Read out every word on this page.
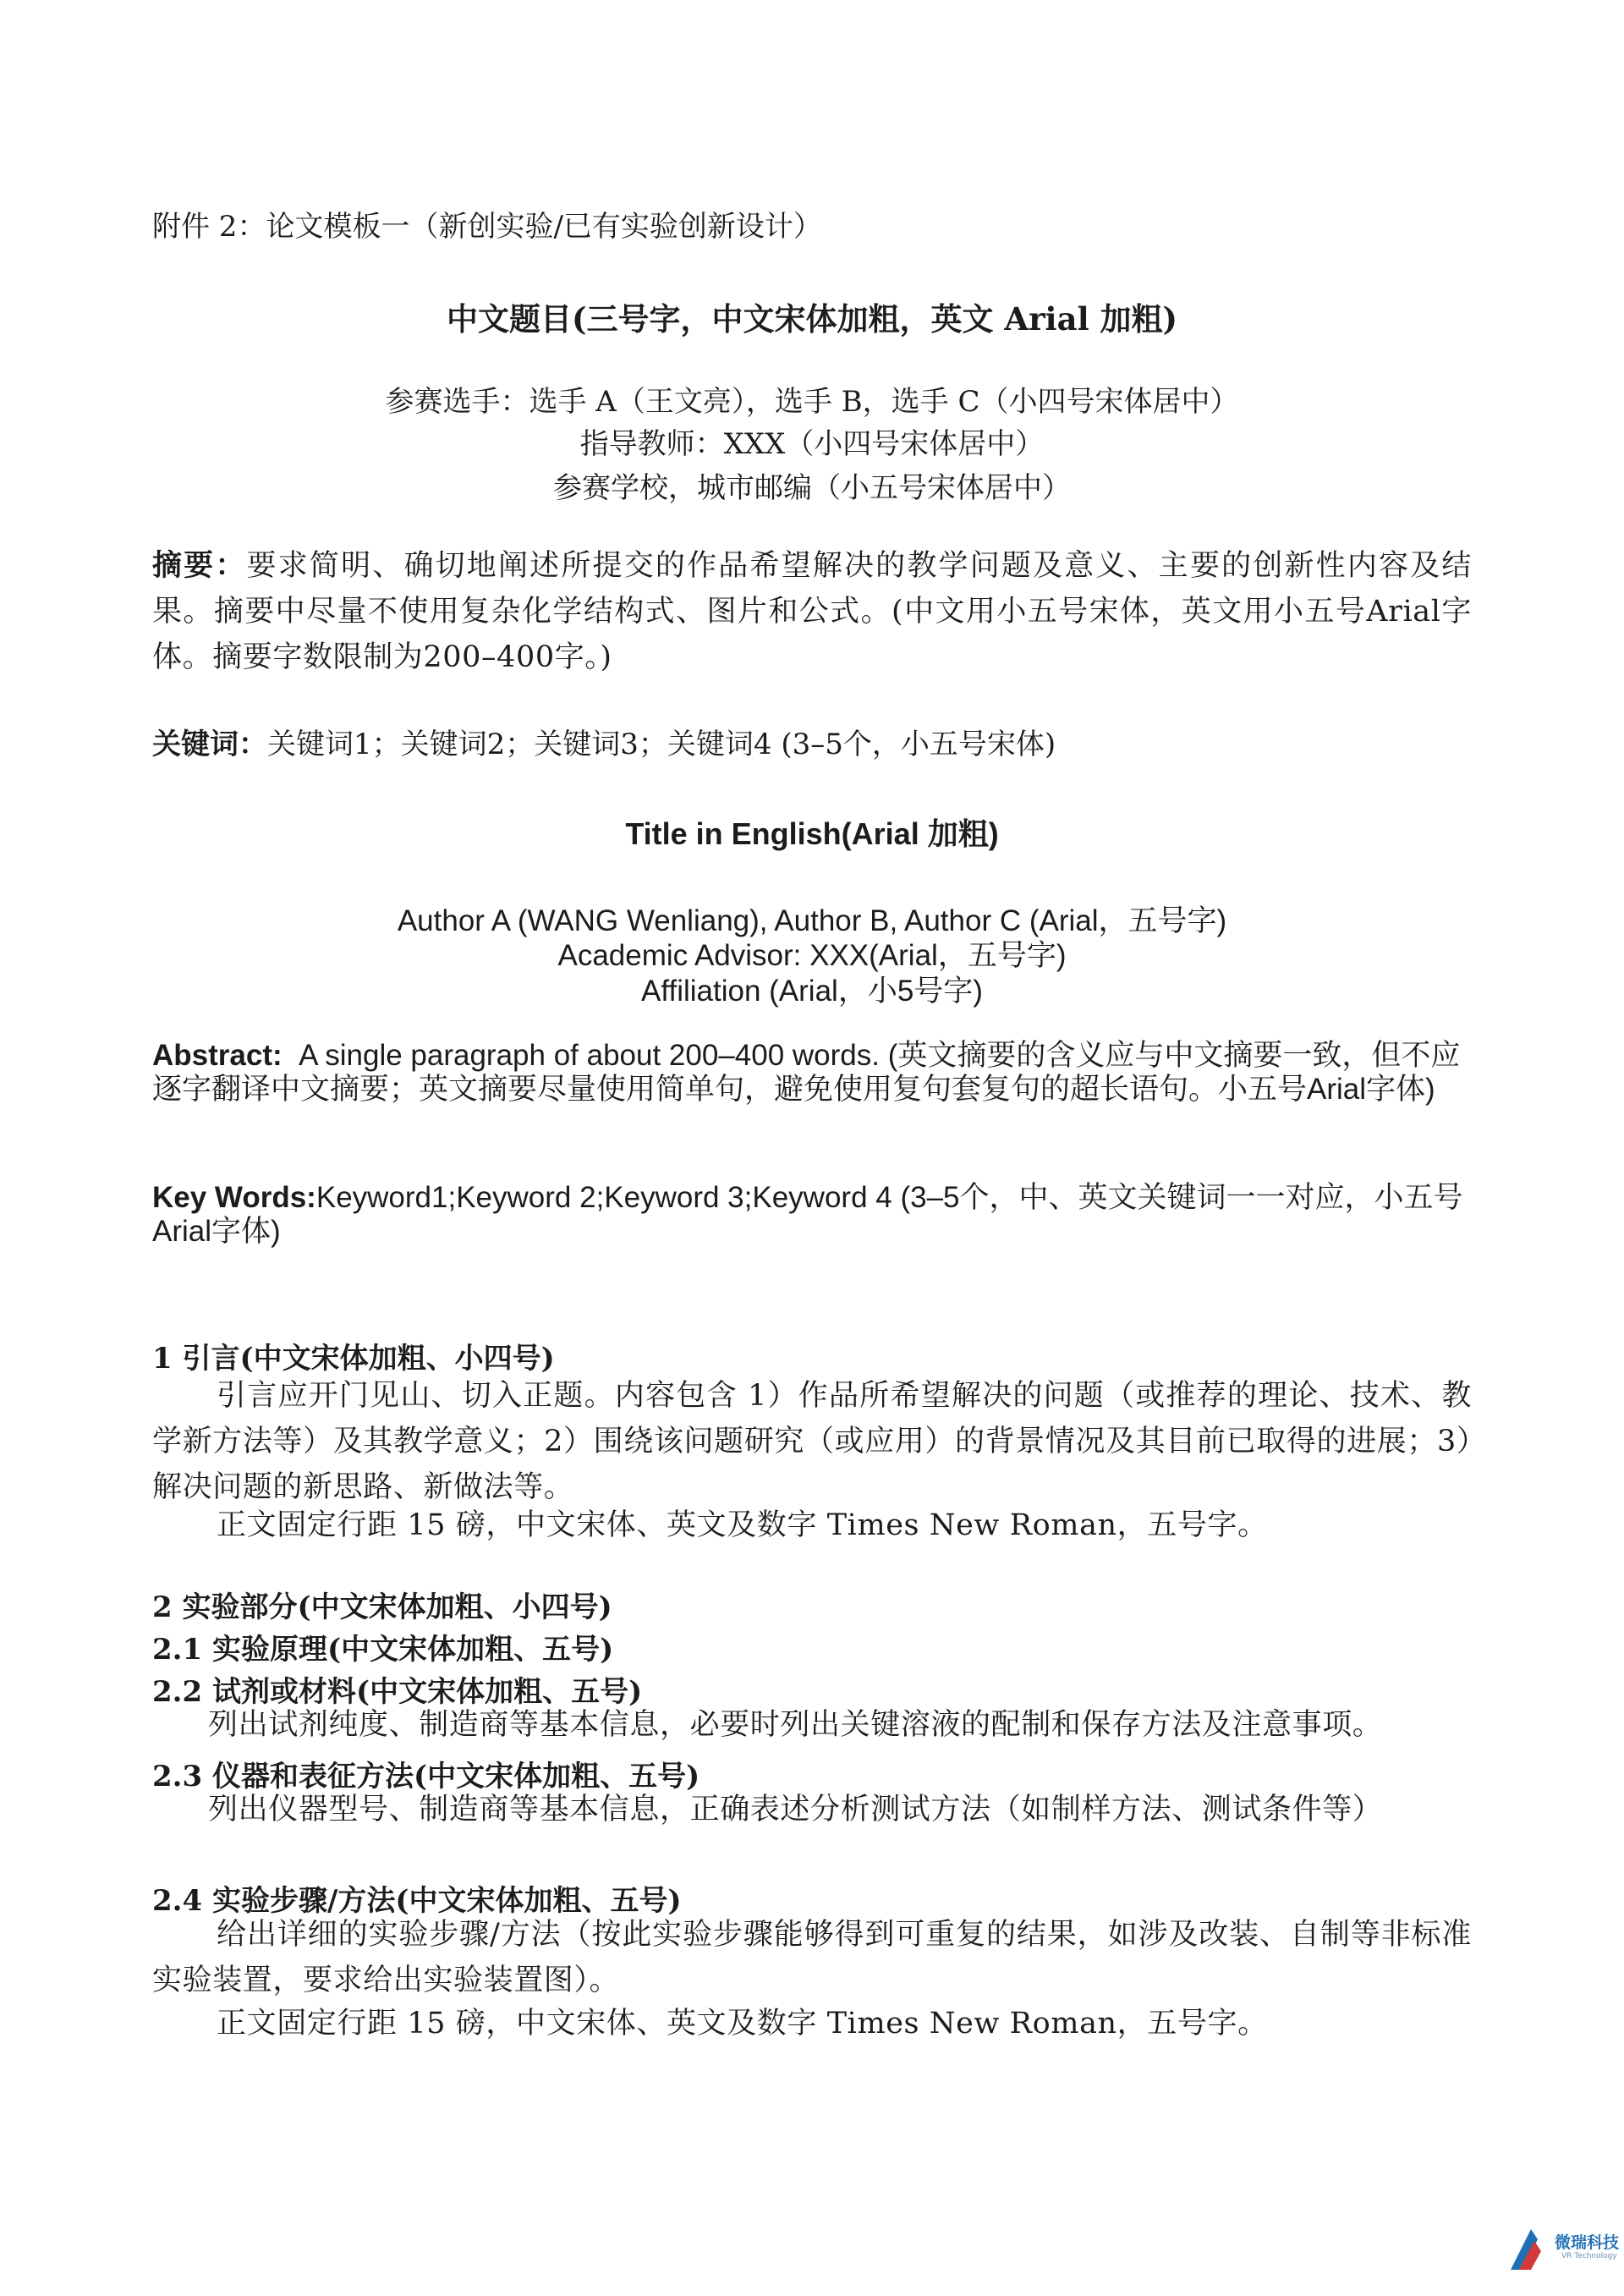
附件 2：论文模板一（新创实验/已有实验创新设计）

中文题目(三号字，中文宋体加粗，英文 Arial 加粗)

参赛选手：选手 A（王文亮），选手 B，选手 C（小四号宋体居中）

指导教师：XXX（小四号宋体居中）

参赛学校，城市邮编（小五号宋体居中）

摘要：要求简明、确切地阐述所提交的作品希望解决的教学问题及意义、主要的创新性内容及结果。摘要中尽量不使用复杂化学结构式、图片和公式。(中文用小五号宋体，英文用小五号Arial字体。摘要字数限制为200–400字。)

关键词：关键词1；关键词2；关键词3；关键词4 (3–5个，小五号宋体)

Title in English(Arial 加粗)

Author A (WANG Wenliang), Author B, Author C (Arial，五号字)

Academic Advisor: XXX(Arial，五号字)

Affiliation (Arial，小5号字)

Abstract: A single paragraph of about 200–400 words. (英文摘要的含义应与中文摘要一致，但不应逐字翻译中文摘要；英文摘要尽量使用简单句，避免使用复句套复句的超长语句。小五号Arial字体)

Key Words:Keyword1;Keyword 2;Keyword 3;Keyword 4 (3–5个，中、英文关键词一一对应，小五号Arial字体)

1 引言(中文宋体加粗、小四号)

引言应开门见山、切入正题。内容包含 1）作品所希望解决的问题（或推荐的理论、技术、教学新方法等）及其教学意义；2）围绕该问题研究（或应用）的背景情况及其目前已取得的进展；3）解决问题的新思路、新做法等。

正文固定行距 15 磅，中文宋体、英文及数字 Times New Roman，五号字。

2 实验部分(中文宋体加粗、小四号)

2.1 实验原理(中文宋体加粗、五号)

2.2 试剂或材料(中文宋体加粗、五号)

列出试剂纯度、制造商等基本信息，必要时列出关键溶液的配制和保存方法及注意事项。

2.3 仪器和表征方法(中文宋体加粗、五号)

列出仪器型号、制造商等基本信息，正确表述分析测试方法（如制样方法、测试条件等）

2.4 实验步骤/方法(中文宋体加粗、五号)

给出详细的实验步骤/方法（按此实验步骤能够得到可重复的结果，如涉及改装、自制等非标准实验装置，要求给出实验装置图）。

正文固定行距 15 磅，中文宋体、英文及数字 Times New Roman，五号字。

微瑞科技
VR Technology
